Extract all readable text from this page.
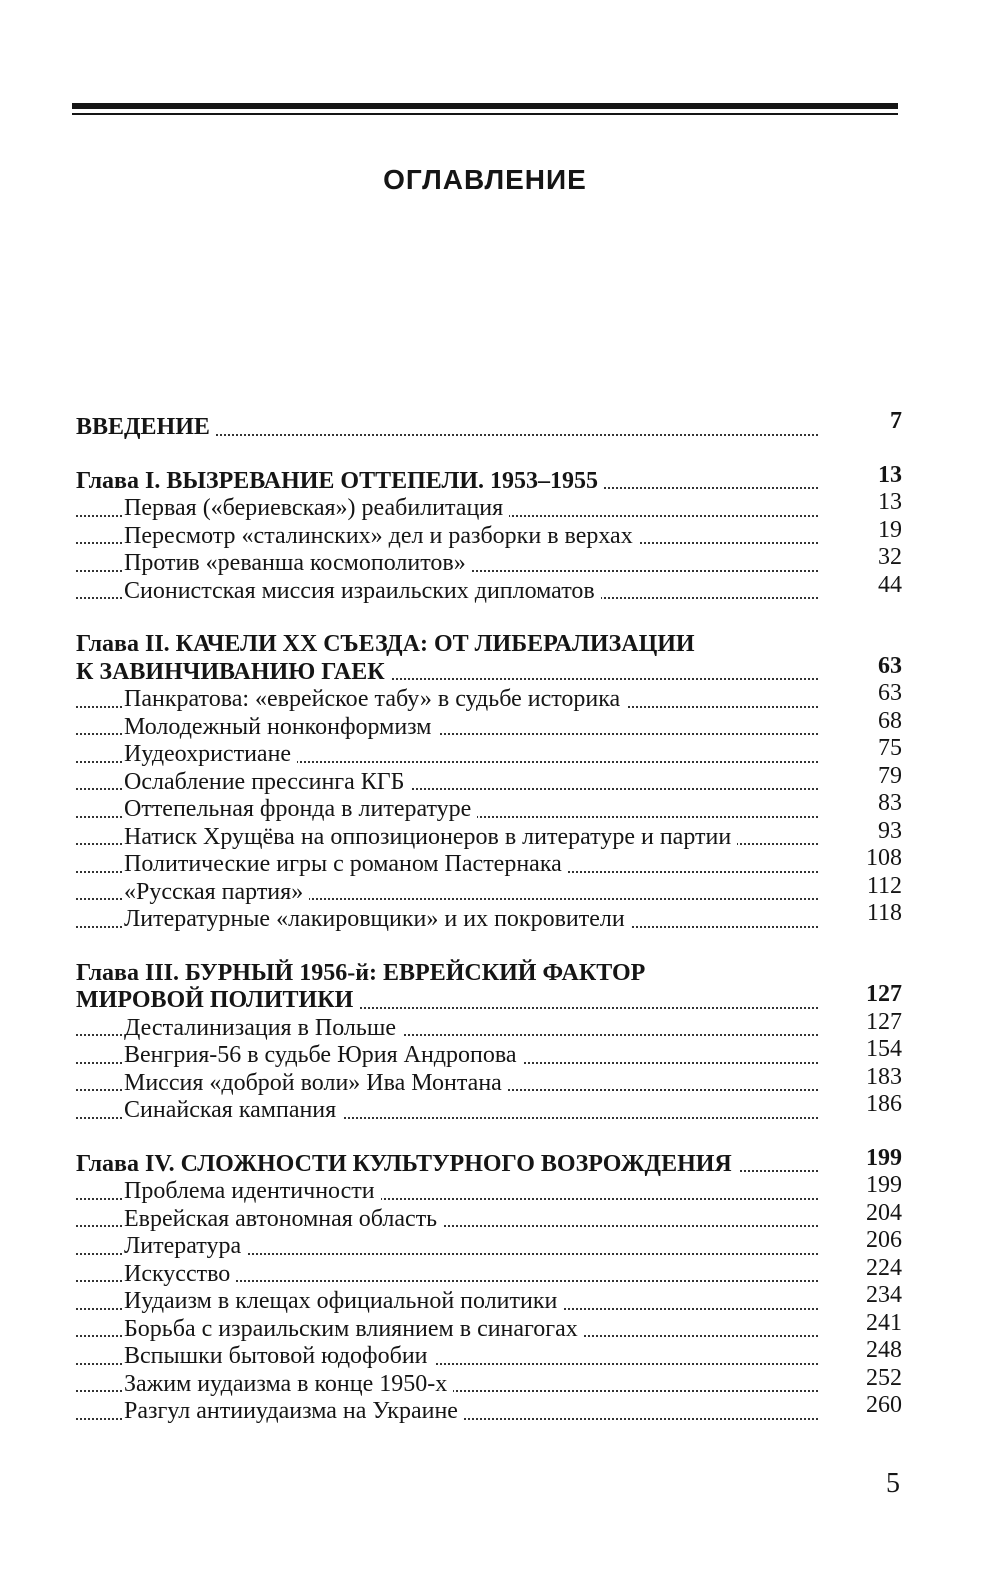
ОГЛАВЛЕНИЕ
ВВЕДЕНИЕ	7
Глава I. ВЫЗРЕВАНИЕ ОТТЕПЕЛИ. 1953–1955	13
Первая («бериевская») реабилитация	13
Пересмотр «сталинских» дел и разборки в верхах	19
Против «реванша космополитов»	32
Сионистская миссия израильских дипломатов	44
Глава II. КАЧЕЛИ XX СЪЕЗДА: ОТ ЛИБЕРАЛИЗАЦИИ
К ЗАВИНЧИВАНИЮ ГАЕК	63
Панкратова: «еврейское табу» в судьбе историка	63
Молодежный нонконформизм	68
Иудеохристиане	75
Ослабление прессинга КГБ	79
Оттепельная фронда в литературе	83
Натиск Хрущёва на оппозиционеров в литературе и партии	93
Политические игры с романом Пастернака	108
«Русская партия»	112
Литературные «лакировщики» и их покровители	118
Глава III. БУРНЫЙ 1956-й: ЕВРЕЙСКИЙ ФАКТОР
МИРОВОЙ ПОЛИТИКИ	127
Десталинизация в Польше	127
Венгрия-56 в судьбе Юрия Андропова	154
Миссия «доброй воли» Ива Монтана	183
Синайская кампания	186
Глава IV. СЛОЖНОСТИ КУЛЬТУРНОГО ВОЗРОЖДЕНИЯ	199
Проблема идентичности	199
Еврейская автономная область	204
Литература	206
Искусство	224
Иудаизм в клещах официальной политики	234
Борьба с израильским влиянием в синагогах	241
Вспышки бытовой юдофобии	248
Зажим иудаизма в конце 1950-х	252
Разгул антииудаизма на Украине	260
5
